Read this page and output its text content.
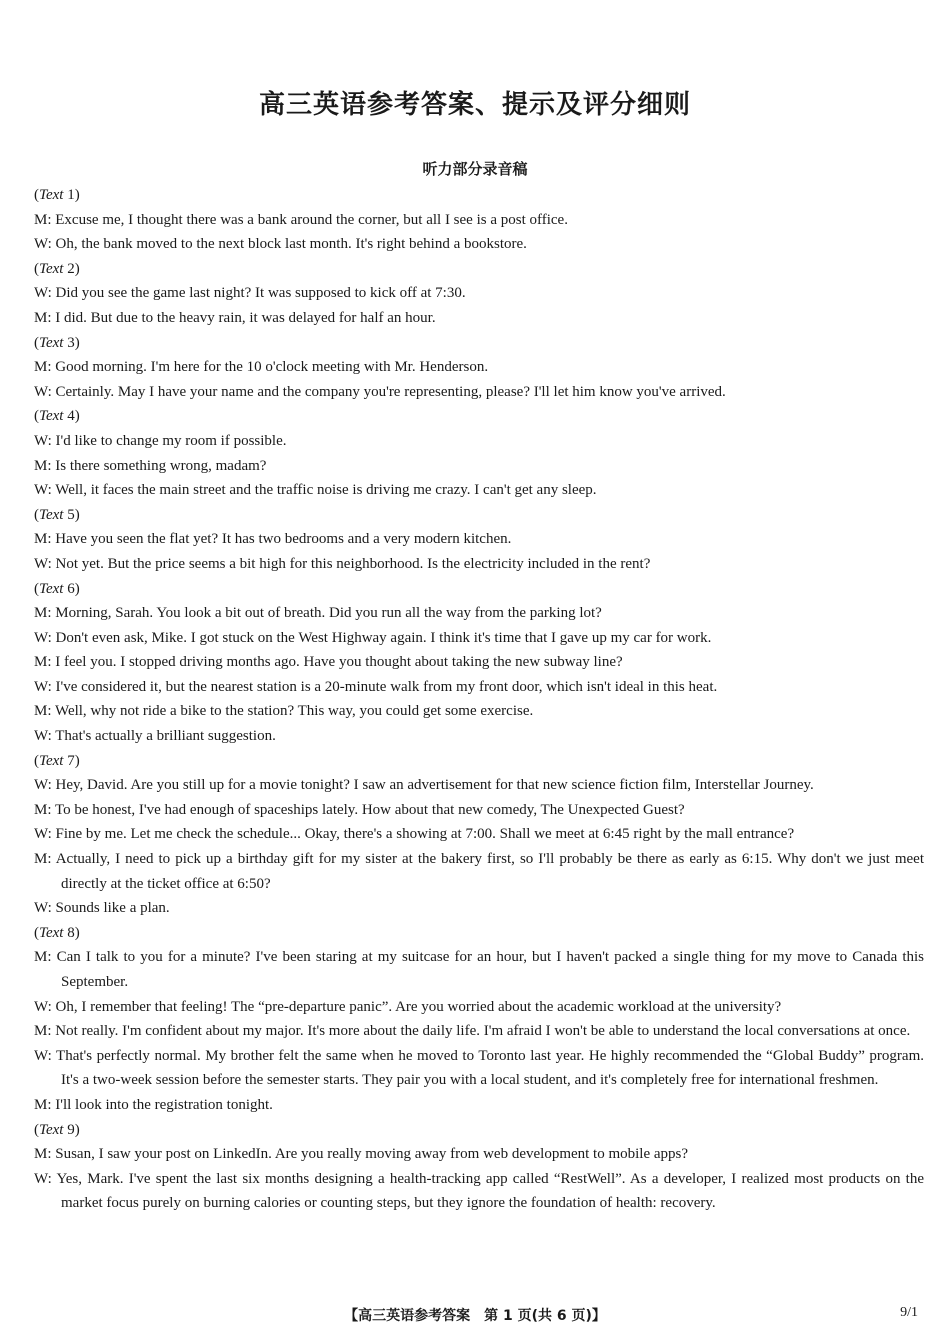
高三英语参考答案、提示及评分细则
听力部分录音稿
(Text 1)
M: Excuse me, I thought there was a bank around the corner, but all I see is a post office.
W: Oh, the bank moved to the next block last month. It's right behind a bookstore.
(Text 2)
W: Did you see the game last night? It was supposed to kick off at 7:30.
M: I did. But due to the heavy rain, it was delayed for half an hour.
(Text 3)
M: Good morning. I'm here for the 10 o'clock meeting with Mr. Henderson.
W: Certainly. May I have your name and the company you're representing, please? I'll let him know you've arrived.
(Text 4)
W: I'd like to change my room if possible.
M: Is there something wrong, madam?
W: Well, it faces the main street and the traffic noise is driving me crazy. I can't get any sleep.
(Text 5)
M: Have you seen the flat yet? It has two bedrooms and a very modern kitchen.
W: Not yet. But the price seems a bit high for this neighborhood. Is the electricity included in the rent?
(Text 6)
M: Morning, Sarah. You look a bit out of breath. Did you run all the way from the parking lot?
W: Don't even ask, Mike. I got stuck on the West Highway again. I think it's time that I gave up my car for work.
M: I feel you. I stopped driving months ago. Have you thought about taking the new subway line?
W: I've considered it, but the nearest station is a 20-minute walk from my front door, which isn't ideal in this heat.
M: Well, why not ride a bike to the station? This way, you could get some exercise.
W: That's actually a brilliant suggestion.
(Text 7)
W: Hey, David. Are you still up for a movie tonight? I saw an advertisement for that new science fiction film, Interstellar Journey.
M: To be honest, I've had enough of spaceships lately. How about that new comedy, The Unexpected Guest?
W: Fine by me. Let me check the schedule... Okay, there's a showing at 7:00. Shall we meet at 6:45 right by the mall entrance?
M: Actually, I need to pick up a birthday gift for my sister at the bakery first, so I'll probably be there as early as 6:15. Why don't we just meet directly at the ticket office at 6:50?
W: Sounds like a plan.
(Text 8)
M: Can I talk to you for a minute? I've been staring at my suitcase for an hour, but I haven't packed a single thing for my move to Canada this September.
W: Oh, I remember that feeling! The “pre-departure panic”. Are you worried about the academic workload at the university?
M: Not really. I'm confident about my major. It's more about the daily life. I'm afraid I won't be able to understand the local conversations at once.
W: That's perfectly normal. My brother felt the same when he moved to Toronto last year. He highly recommended the “Global Buddy” program. It's a two-week session before the semester starts. They pair you with a local student, and it's completely free for international freshmen.
M: I'll look into the registration tonight.
(Text 9)
M: Susan, I saw your post on LinkedIn. Are you really moving away from web development to mobile apps?
W: Yes, Mark. I've spent the last six months designing a health-tracking app called “RestWell”. As a developer, I realized most products on the market focus purely on burning calories or counting steps, but they ignore the foundation of health: recovery.
【高三英语参考答案　第 1 页(共 6 页)】	9/1
